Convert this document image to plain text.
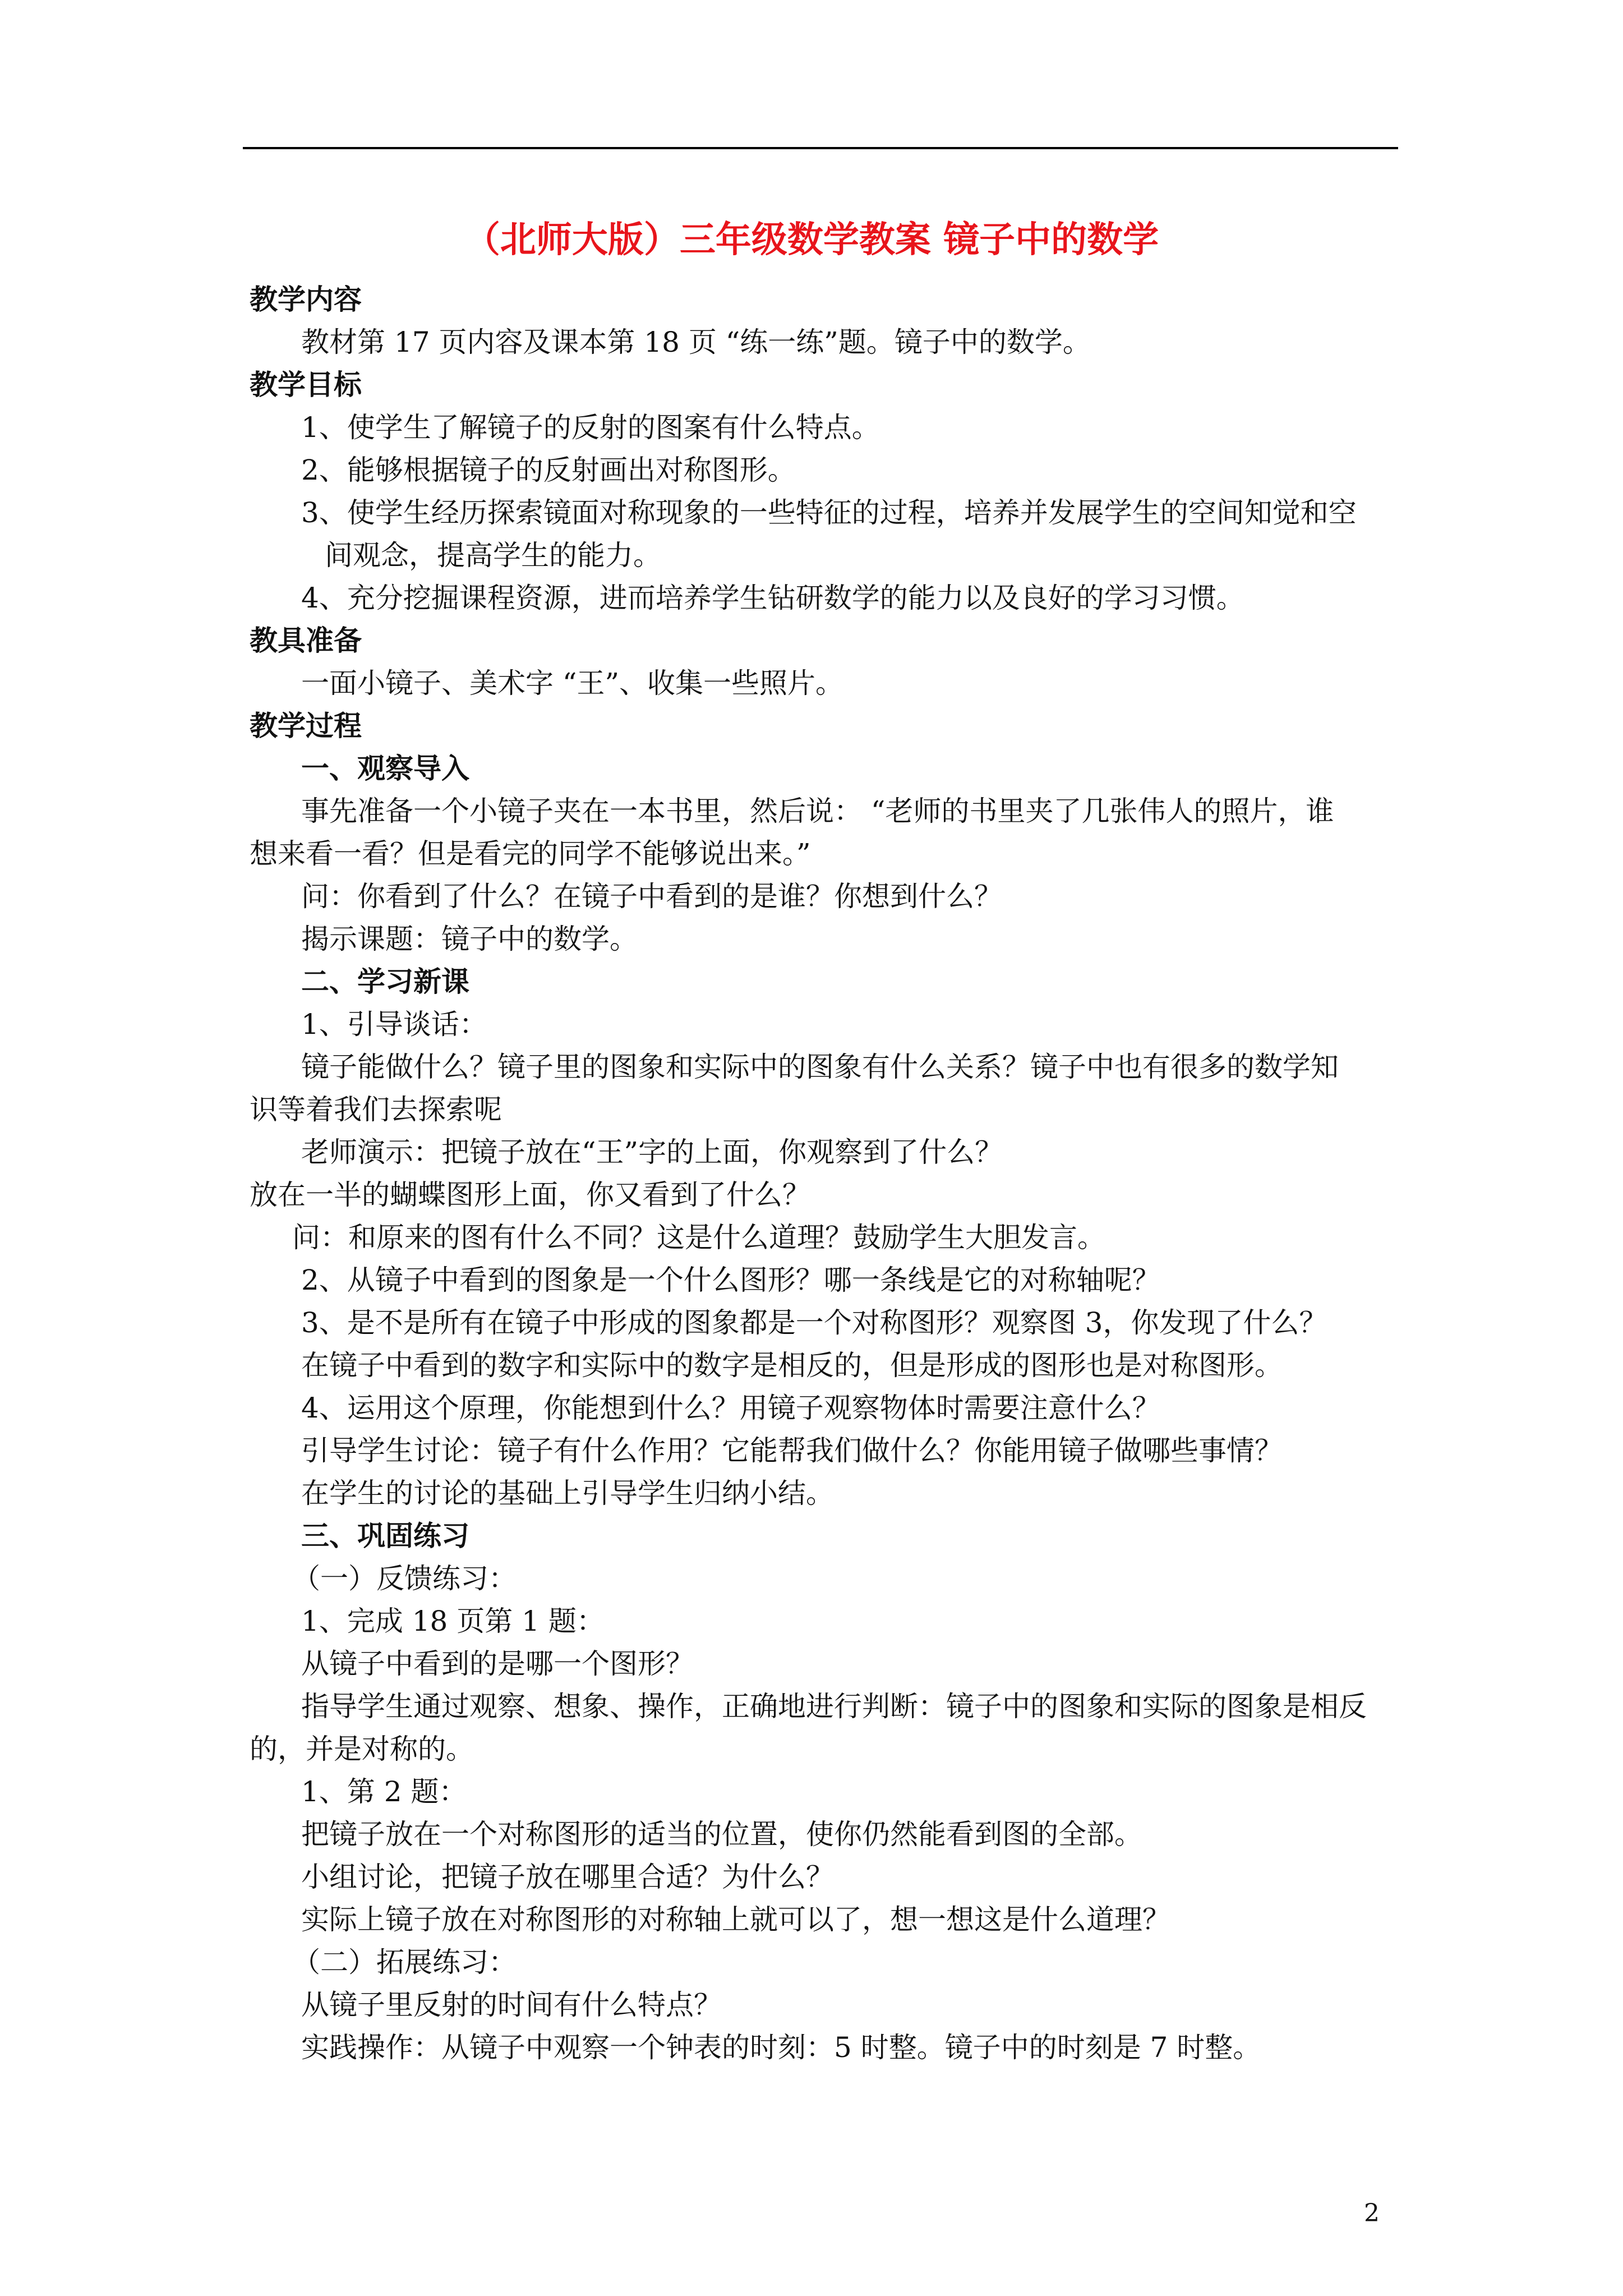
（北师大版）三年级数学教案 镜子中的数学
教学内容
教材第 17 页内容及课本第 18 页 “练一练”题。镜子中的数学。
教学目标
1、使学生了解镜子的反射的图案有什么特点。
2、能够根据镜子的反射画出对称图形。
3、使学生经历探索镜面对称现象的一些特征的过程，培养并发展学生的空间知觉和空
间观念，提高学生的能力。
4、充分挖掘课程资源，进而培养学生钻研数学的能力以及良好的学习习惯。
教具准备
一面小镜子、美术字 “王”、收集一些照片。
教学过程
一、观察导入
事先准备一个小镜子夹在一本书里，然后说： “老师的书里夹了几张伟人的照片，谁
想来看一看？但是看完的同学不能够说出来。”
问：你看到了什么？在镜子中看到的是谁？你想到什么？
揭示课题：镜子中的数学。
二、学习新课
1、引导谈话：
镜子能做什么？镜子里的图象和实际中的图象有什么关系？镜子中也有很多的数学知
识等着我们去探索呢
老师演示：把镜子放在“王”字的上面，你观察到了什么？
放在一半的蝴蝶图形上面，你又看到了什么？
问：和原来的图有什么不同？这是什么道理？鼓励学生大胆发言。
2、从镜子中看到的图象是一个什么图形？哪一条线是它的对称轴呢？
3、是不是所有在镜子中形成的图象都是一个对称图形？观察图 3，你发现了什么？
在镜子中看到的数字和实际中的数字是相反的，但是形成的图形也是对称图形。
4、运用这个原理，你能想到什么？用镜子观察物体时需要注意什么？
引导学生讨论：镜子有什么作用？它能帮我们做什么？你能用镜子做哪些事情？
在学生的讨论的基础上引导学生归纳小结。
三、巩固练习
（一）反馈练习：
1、完成 18 页第 1 题：
从镜子中看到的是哪一个图形？
指导学生通过观察、想象、操作，正确地进行判断：镜子中的图象和实际的图象是相反
的，并是对称的。
1、第 2 题：
把镜子放在一个对称图形的适当的位置，使你仍然能看到图的全部。
小组讨论，把镜子放在哪里合适？为什么？
实际上镜子放在对称图形的对称轴上就可以了，想一想这是什么道理？
（二）拓展练习：
从镜子里反射的时间有什么特点？
实践操作：从镜子中观察一个钟表的时刻：5 时整。镜子中的时刻是 7 时整。
2
